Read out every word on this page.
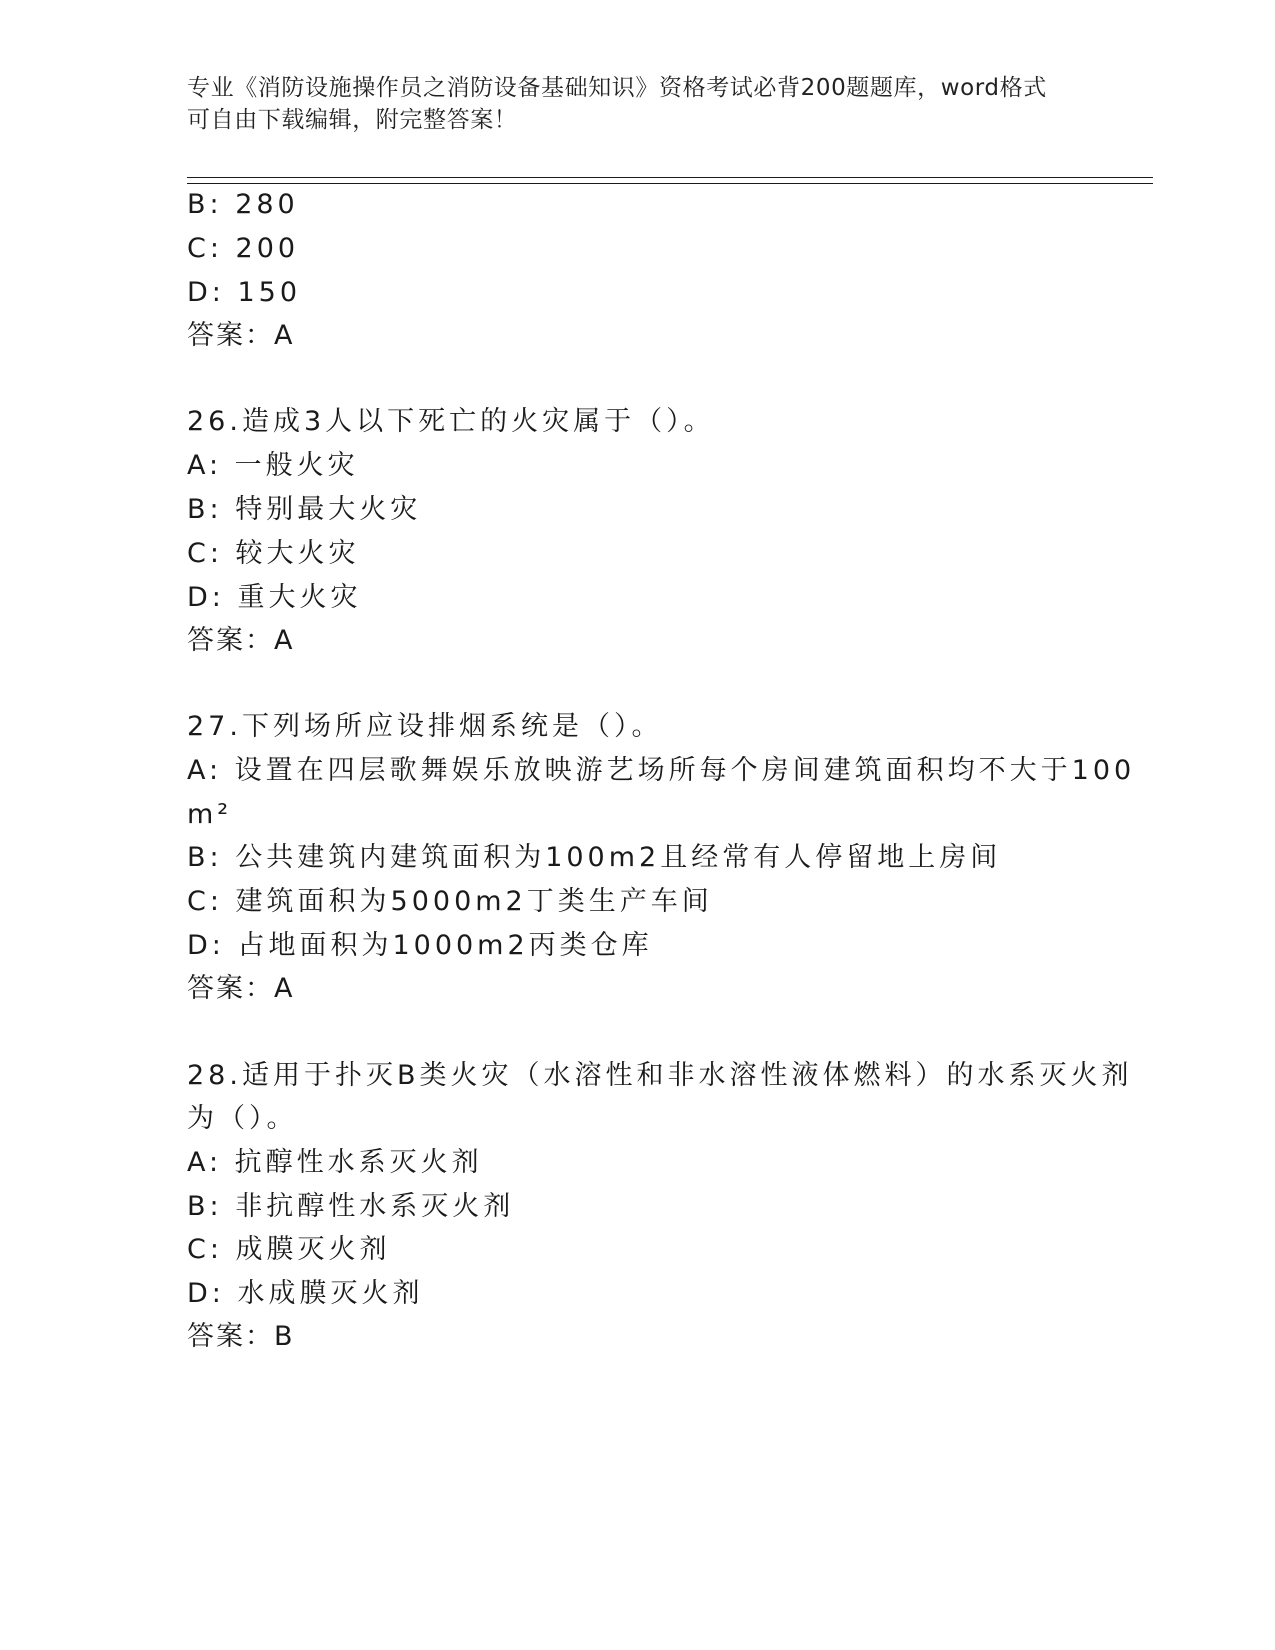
专业《消防设施操作员之消防设备基础知识》资格考试必背200题题库，word格式可自由下载编辑，附完整答案！
B: 280
C: 200
D: 150
答案：A
26.造成3人以下死亡的火灾属于（）。
A: 一般火灾
B: 特别最大火灾
C: 较大火灾
D: 重大火灾
答案：A
27.下列场所应设排烟系统是（）。
A: 设置在四层歌舞娱乐放映游艺场所每个房间建筑面积均不大于100
m²
B: 公共建筑内建筑面积为100m2且经常有人停留地上房间
C: 建筑面积为5000m2丁类生产车间
D: 占地面积为1000m2丙类仓库
答案：A
28.适用于扑灭B类火灾（水溶性和非水溶性液体燃料）的水系灭火剂
为（）。
A: 抗醇性水系灭火剂
B: 非抗醇性水系灭火剂
C: 成膜灭火剂
D: 水成膜灭火剂
答案：B
